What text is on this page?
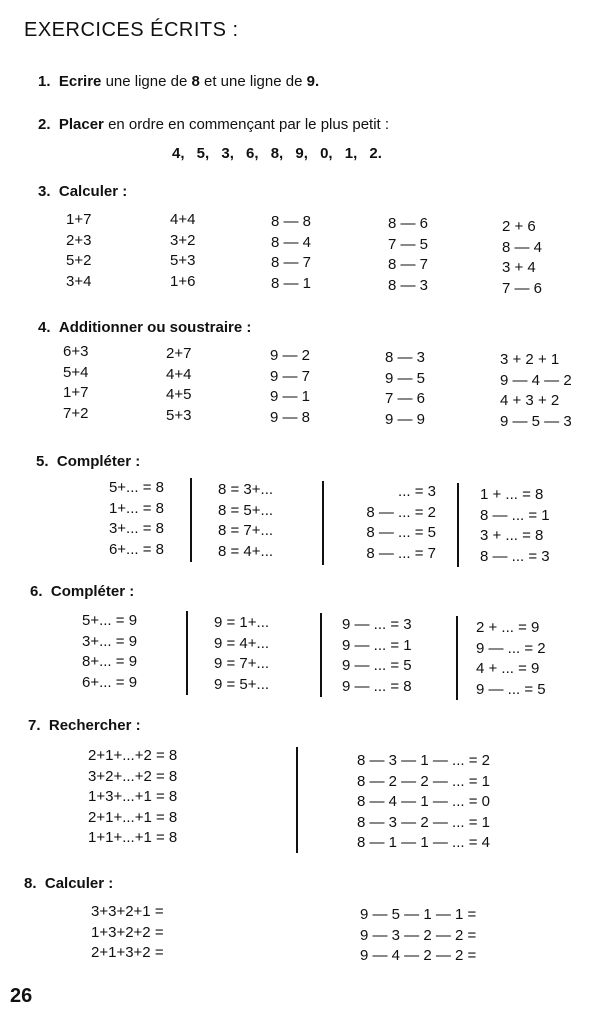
EXERCICES ÉCRITS :
1. Ecrire une ligne de 8 et une ligne de 9.
2. Placer en ordre en commençant par le plus petit :
4, 5, 3, 6, 8, 9, 0, 1, 2.
3. Calculer :
1+7
2+3
5+2
3+4
4+4
3+2
5+3
1+6
8 — 8
8 — 4
8 — 7
8 — 1
8 — 6
7 — 5
8 — 7
8 — 3
2 + 6
8 — 4
3 + 4
7 — 6
4. Additionner ou soustraire :
6+3
5+4
1+7
7+2
2+7
4+4
4+5
5+3
9 — 2
9 — 7
9 — 1
9 — 8
8 — 3
9 — 5
7 — 6
9 — 9
3 + 2 + 1
9 — 4 — 2
4 + 3 + 2
9 — 5 — 3
5. Compléter :
5+... = 8
1+... = 8
3+... = 8
6+... = 8
8 = 3+...
8 = 5+...
8 = 7+...
8 = 4+...
... = 3
8 — ... = 2
8 — ... = 5
8 — ... = 7
1 + ... = 8
8 — ... = 1
3 + ... = 8
8 — ... = 3
6. Compléter :
5+... = 9
3+... = 9
8+... = 9
6+... = 9
9 = 1+...
9 = 4+...
9 = 7+...
9 = 5+...
9 — ... = 3
9 — ... = 1
9 — ... = 5
9 — ... = 8
2 + ... = 9
9 — ... = 2
4 + ... = 9
9 — ... = 5
7. Rechercher :
2+1+...+2 = 8
3+2+...+2 = 8
1+3+...+1 = 8
2+1+...+1 = 8
1+1+...+1 = 8
8 — 3 — 1 — ... = 2
8 — 2 — 2 — ... = 1
8 — 4 — 1 — ... = 0
8 — 3 — 2 — ... = 1
8 — 1 — 1 — ... = 4
8. Calculer :
3+3+2+1 =
1+3+2+2 =
2+1+3+2 =
9 — 5 — 1 — 1 =
9 — 3 — 2 — 2 =
9 — 4 — 2 — 2 =
26
